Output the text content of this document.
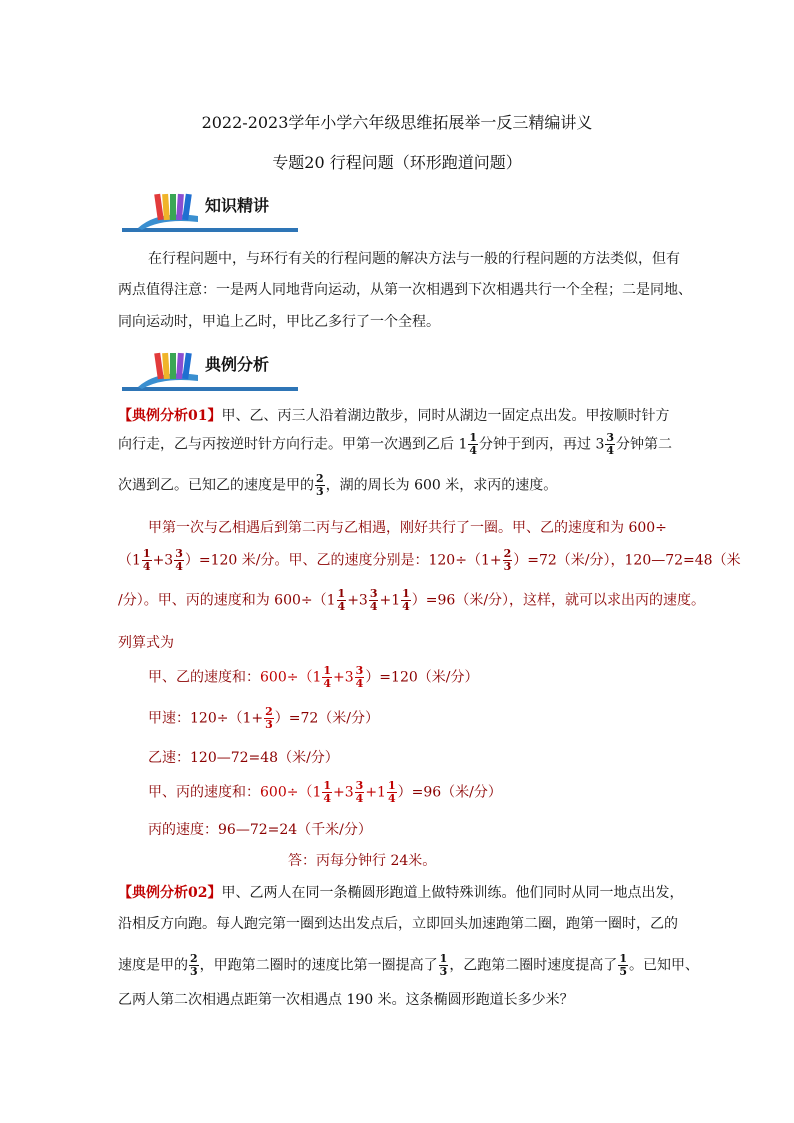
2022-2023学年小学六年级思维拓展举一反三精编讲义
专题20 行程问题（环形跑道问题）
知识精讲
在行程问题中，与环行有关的行程问题的解决方法与一般的行程问题的方法类似，但有
两点值得注意：一是两人同地背向运动，从第一次相遇到下次相遇共行一个全程；二是同地、
同向运动时，甲追上乙时，甲比乙多行了一个全程。
典例分析
【典例分析01】甲、乙、丙三人沿着湖边散步，同时从湖边一固定点出发。甲按顺时针方
向行走，乙与丙按逆时针方向行走。甲第一次遇到乙后 $1 \frac{1}{4}$ 分钟于到丙，再过 $3 \frac{3}{4}$ 分钟第二
次遇到乙。已知乙的速度是甲的 $\frac{2}{3}$ ，湖的周长为 600 米，求丙的速度。
甲第一次与乙相遇后到第二丙与乙相遇，刚好共行了一圈。甲、乙的速度和为 600÷
$(1 \frac{1}{4} +3 \frac{3}{4} )=120$ 米/分。甲、乙的速度分别是：$120\div(1+ \frac{2}{3} )=72$（米/分），120—72=48（米
/分）。甲、丙的速度和为 $600\div(1 \frac{1}{4} +3 \frac{3}{4} +1 \frac{1}{4} )=96$（米/分），这样，就可以求出丙的速度。
列算式为
甲、乙的速度和：$600\div(1 \frac{1}{4} +3 \frac{3}{4} )=120$（米/分）
甲速：$120\div(1+ \frac{2}{3} )=72$（米/分）
乙速：120—72=48（米/分）
甲、丙的速度和：$600\div(1 \frac{1}{4} +3 \frac{3}{4} +1 \frac{1}{4} )=96$（米/分）
丙的速度：96—72=24（千米/分）
答：丙每分钟行 24米。
【典例分析02】甲、乙两人在同一条椭圆形跑道上做特殊训练。他们同时从同一地点出发，
沿相反方向跑。每人跑完第一圈到达出发点后，立即回头加速跑第二圈，跑第一圈时，乙的
速度是甲的 $\frac{2}{3}$ ，甲跑第二圈时的速度比第一圈提高了 $\frac{1}{3}$ ，乙跑第二圈时速度提高了 $\frac{1}{5}$ 。已知甲、
乙两人第二次相遇点距第一次相遇点 190 米。这条椭圆形跑道长多少米？
